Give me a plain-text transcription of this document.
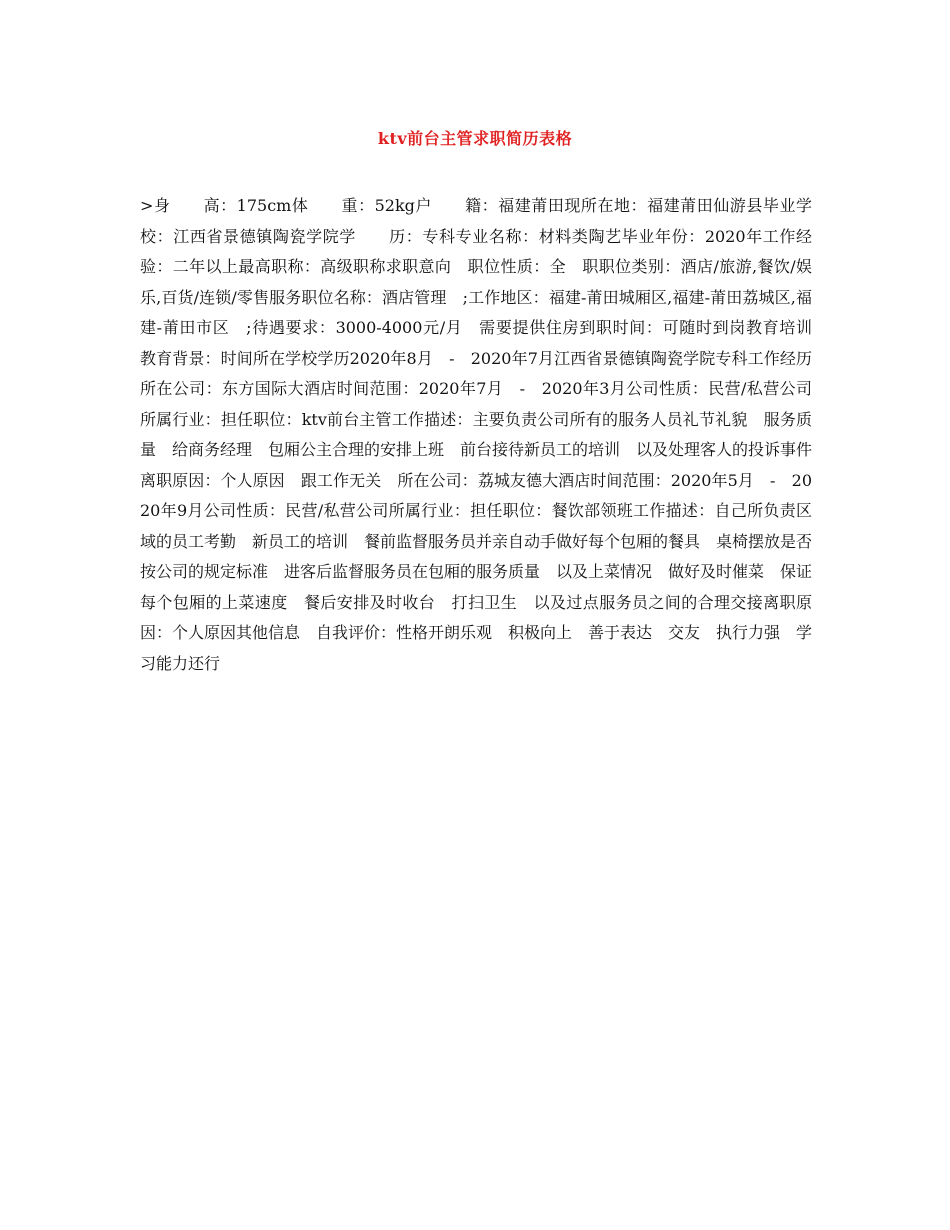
ktv前台主管求职简历表格
>身　　高：175cm体　　重：52kg户　　籍：福建莆田现所在地：福建莆田仙游县毕业学校：江西省景德镇陶瓷学院学　　历：专科专业名称：材料类陶艺毕业年份：2020年工作经验：二年以上最高职称：高级职称求职意向　职位性质：全　职职位类别：酒店/旅游,餐饮/娱乐,百货/连锁/零售服务职位名称：酒店管理　;工作地区：福建-莆田城厢区,福建-莆田荔城区,福建-莆田市区　;待遇要求：3000-4000元/月　需要提供住房到职时间：可随时到岗教育培训　教育背景：时间所在学校学历2020年8月　-　2020年7月江西省景德镇陶瓷学院专科工作经历　　所在公司：东方国际大酒店时间范围：2020年7月　-　2020年3月公司性质：民营/私营公司所属行业：担任职位：ktv前台主管工作描述：主要负责公司所有的服务人员礼节礼貌　服务质量　给商务经理　包厢公主合理的安排上班　前台接待新员工的培训　以及处理客人的投诉事件离职原因：个人原因　跟工作无关　所在公司：荔城友德大酒店时间范围：2020年5月　-　2020年9月公司性质：民营/私营公司所属行业：担任职位：餐饮部领班工作描述：自己所负责区域的员工考勤　新员工的培训　餐前监督服务员并亲自动手做好每个包厢的餐具　桌椅摆放是否按公司的规定标准　进客后监督服务员在包厢的服务质量　以及上菜情况　做好及时催菜　保证每个包厢的上菜速度　餐后安排及时收台　打扫卫生　以及过点服务员之间的合理交接离职原因：个人原因其他信息　自我评价：性格开朗乐观　积极向上　善于表达　交友　执行力强　学习能力还行
